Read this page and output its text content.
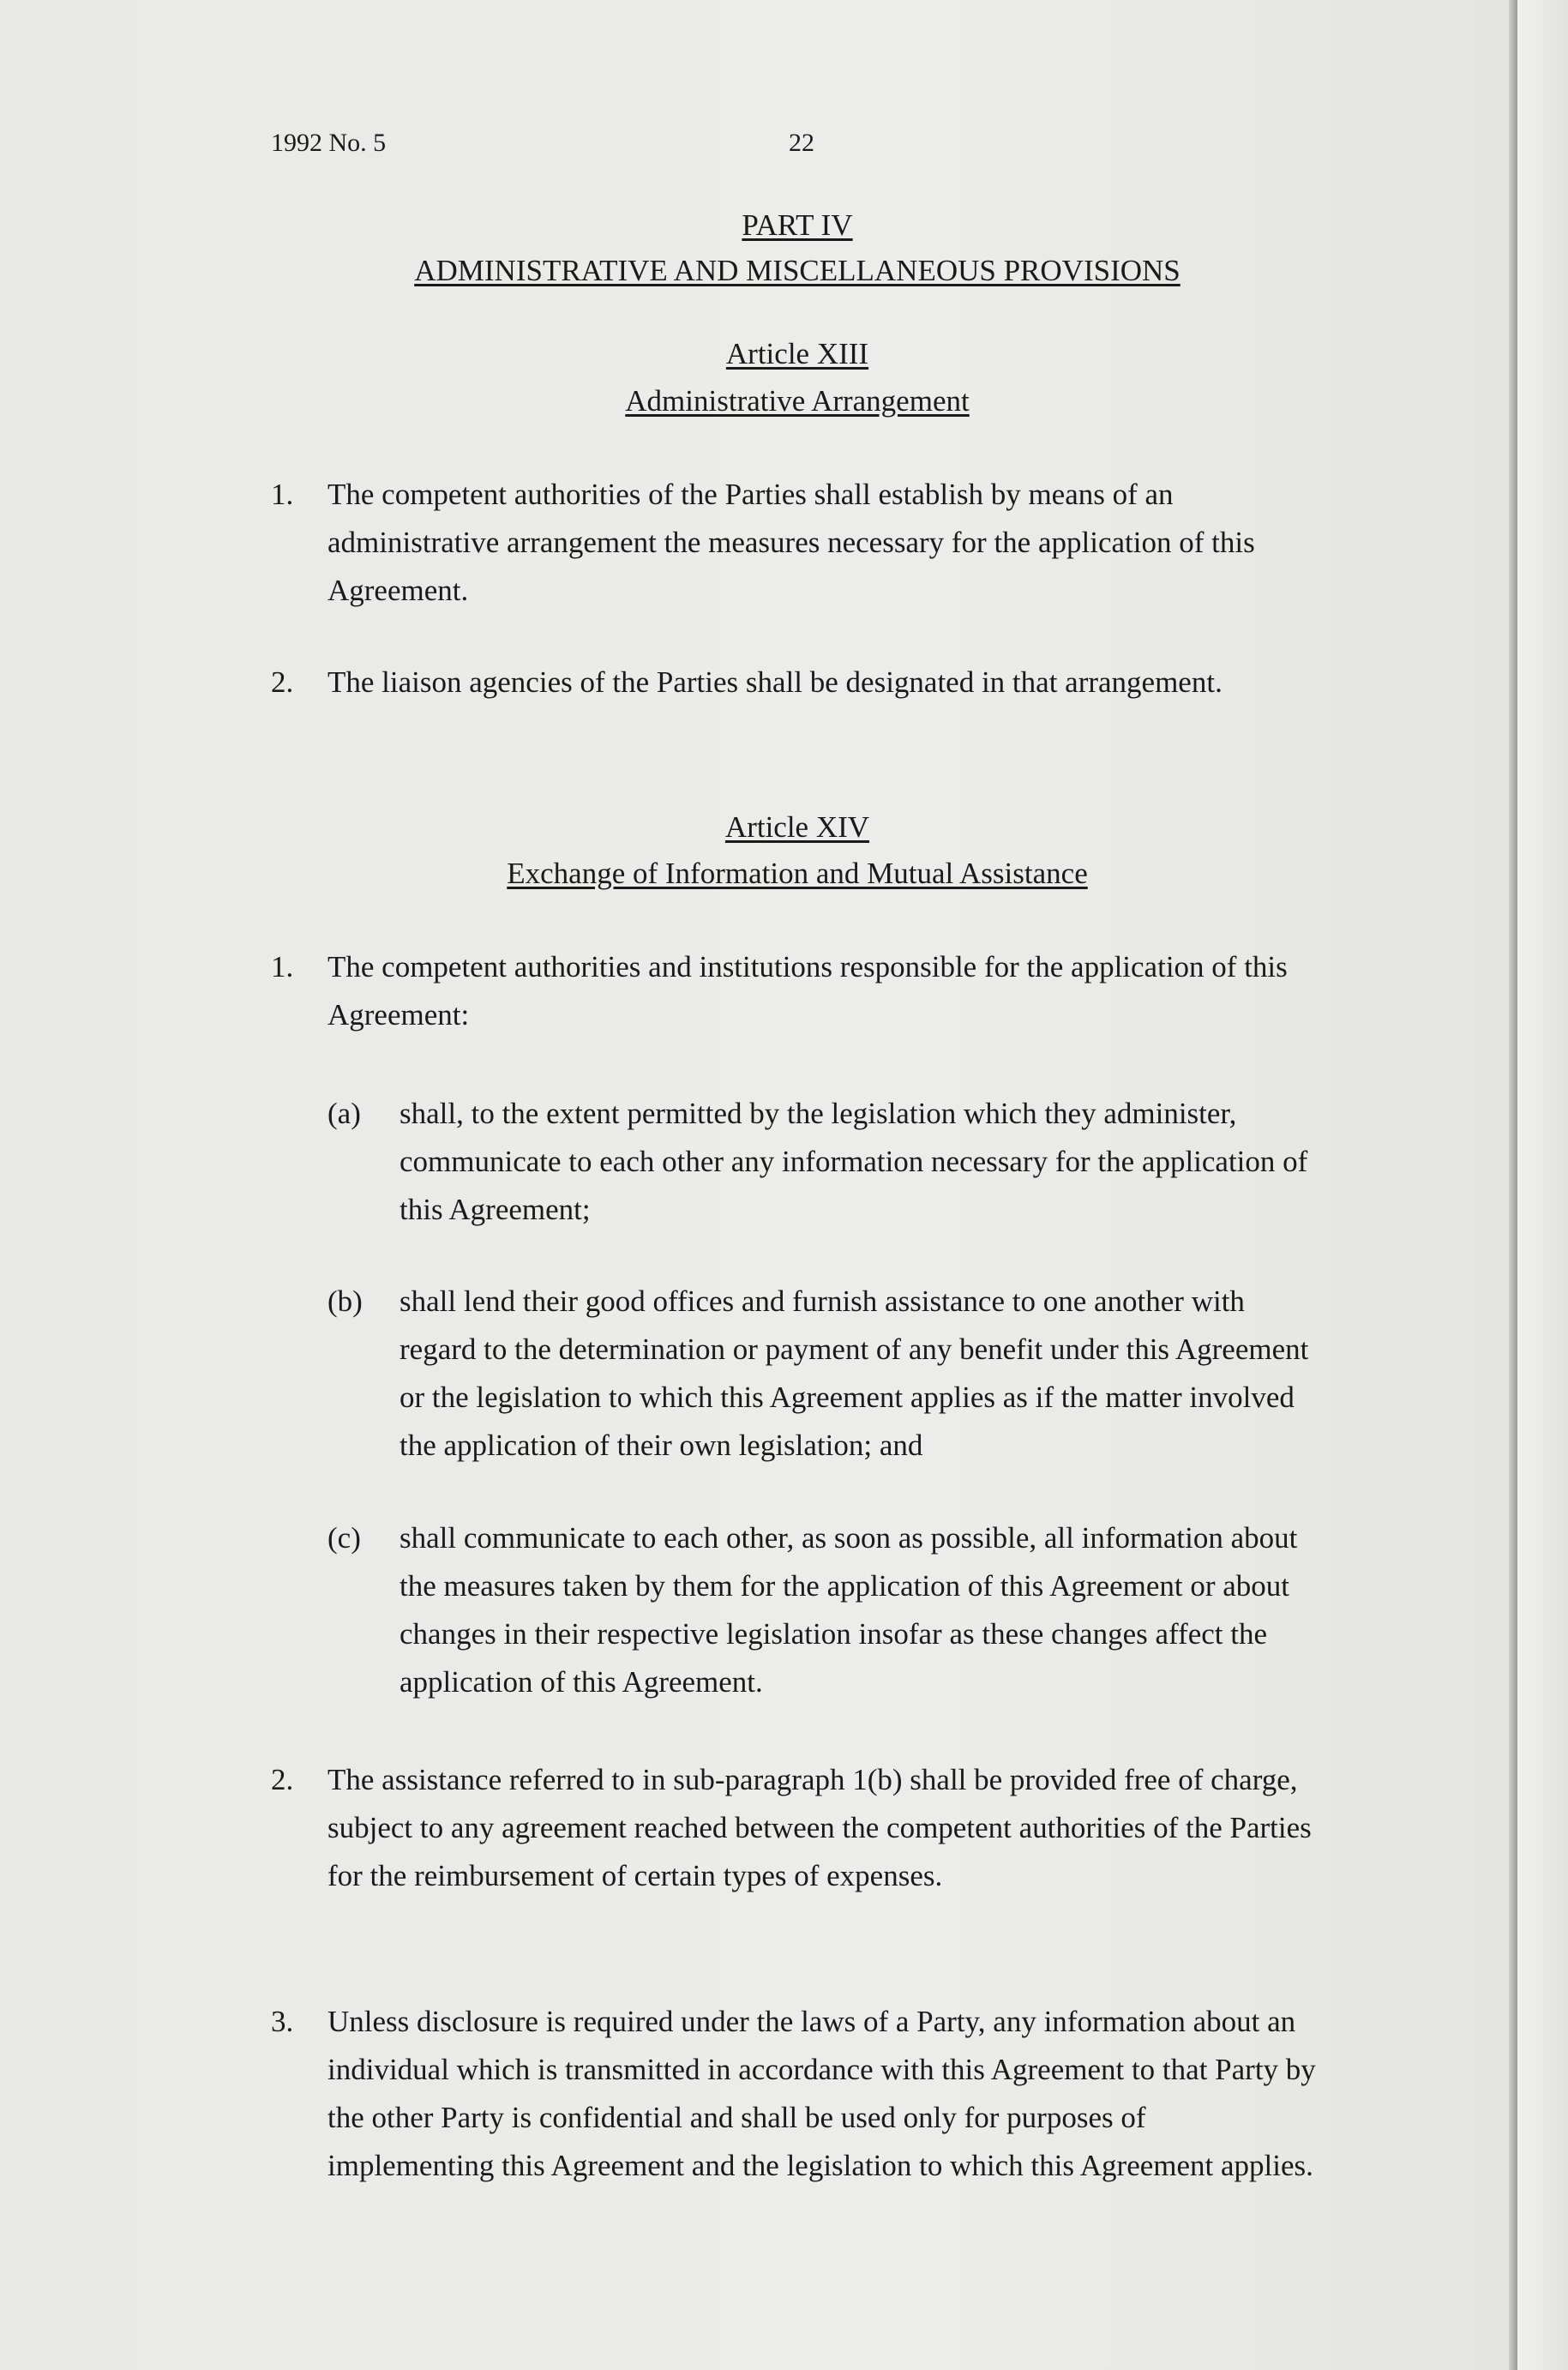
1992 No. 5	22
PART IV
ADMINISTRATIVE AND MISCELLANEOUS PROVISIONS
Article XIII
Administrative Arrangement
1. The competent authorities of the Parties shall establish by means of an administrative arrangement the measures necessary for the application of this Agreement.
2. The liaison agencies of the Parties shall be designated in that arrangement.
Article XIV
Exchange of Information and Mutual Assistance
1. The competent authorities and institutions responsible for the application of this Agreement:
(a) shall, to the extent permitted by the legislation which they administer, communicate to each other any information necessary for the application of this Agreement;
(b) shall lend their good offices and furnish assistance to one another with regard to the determination or payment of any benefit under this Agreement or the legislation to which this Agreement applies as if the matter involved the application of their own legislation; and
(c) shall communicate to each other, as soon as possible, all information about the measures taken by them for the application of this Agreement or about changes in their respective legislation insofar as these changes affect the application of this Agreement.
2. The assistance referred to in sub-paragraph 1(b) shall be provided free of charge, subject to any agreement reached between the competent authorities of the Parties for the reimbursement of certain types of expenses.
3. Unless disclosure is required under the laws of a Party, any information about an individual which is transmitted in accordance with this Agreement to that Party by the other Party is confidential and shall be used only for purposes of implementing this Agreement and the legislation to which this Agreement applies.
